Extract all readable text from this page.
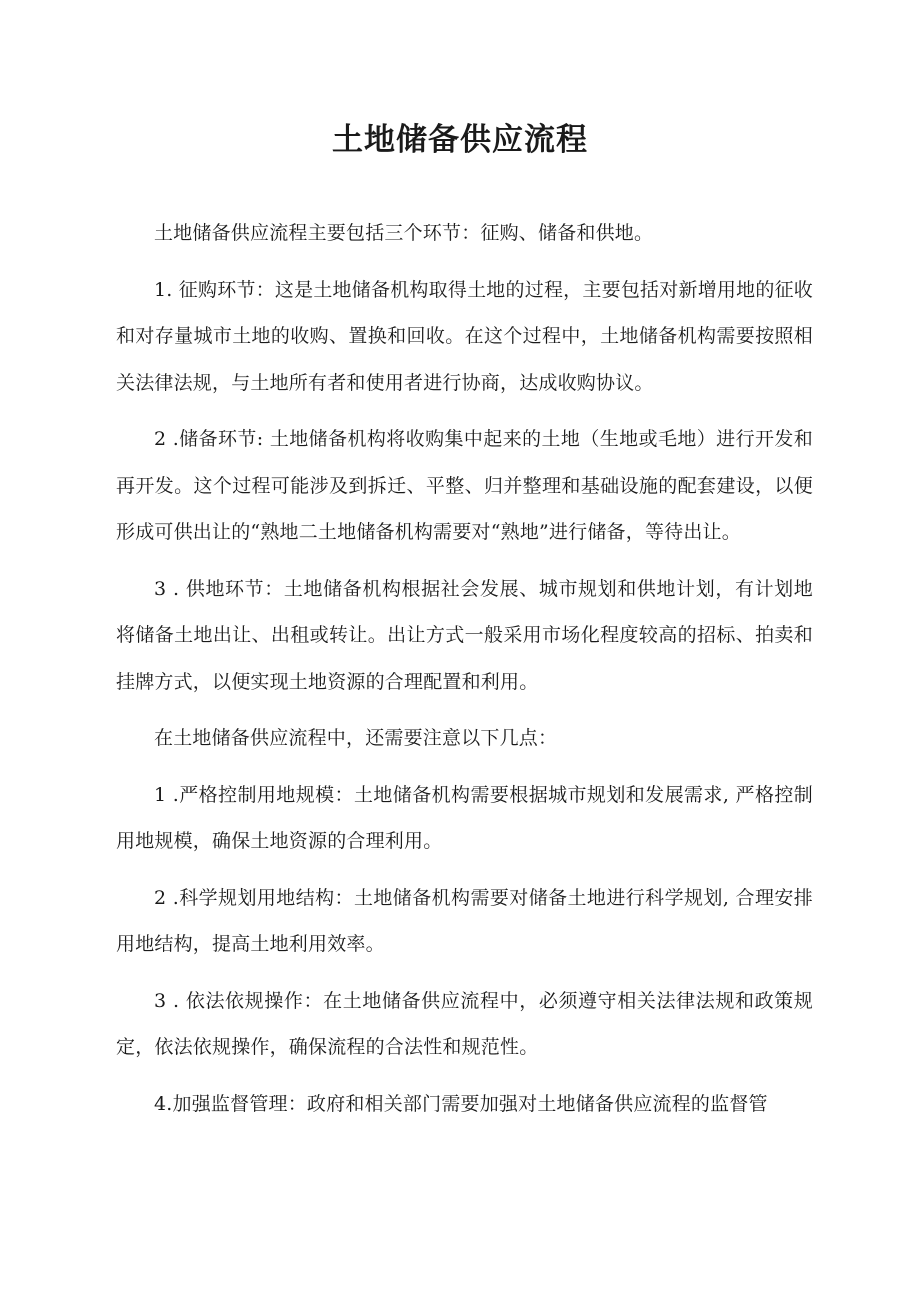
土地储备供应流程

土地储备供应流程主要包括三个环节：征购、储备和供地。

1. 征购环节：这是土地储备机构取得土地的过程，主要包括对新增用地的征收和对存量城市土地的收购、置换和回收。在这个过程中，土地储备机构需要按照相关法律法规，与土地所有者和使用者进行协商，达成收购协议。

2 .储备环节: 土地储备机构将收购集中起来的土地（生地或毛地）进行开发和再开发。这个过程可能涉及到拆迁、平整、归并整理和基础设施的配套建设，以便形成可供出让的“熟地二土地储备机构需要对“熟地”进行储备，等待出让。

3 . 供地环节：土地储备机构根据社会发展、城市规划和供地计划，有计划地将储备土地出让、出租或转让。出让方式一般采用市场化程度较高的招标、拍卖和挂牌方式，以便实现土地资源的合理配置和利用。

在土地储备供应流程中，还需要注意以下几点：

1 .严格控制用地规模：土地储备机构需要根据城市规划和发展需求, 严格控制用地规模，确保土地资源的合理利用。

2 .科学规划用地结构：土地储备机构需要对储备土地进行科学规划, 合理安排用地结构，提高土地利用效率。

3 . 依法依规操作：在土地储备供应流程中，必须遵守相关法律法规和政策规定，依法依规操作，确保流程的合法性和规范性。

4.加强监督管理：政府和相关部门需要加强对土地储备供应流程的监督管
